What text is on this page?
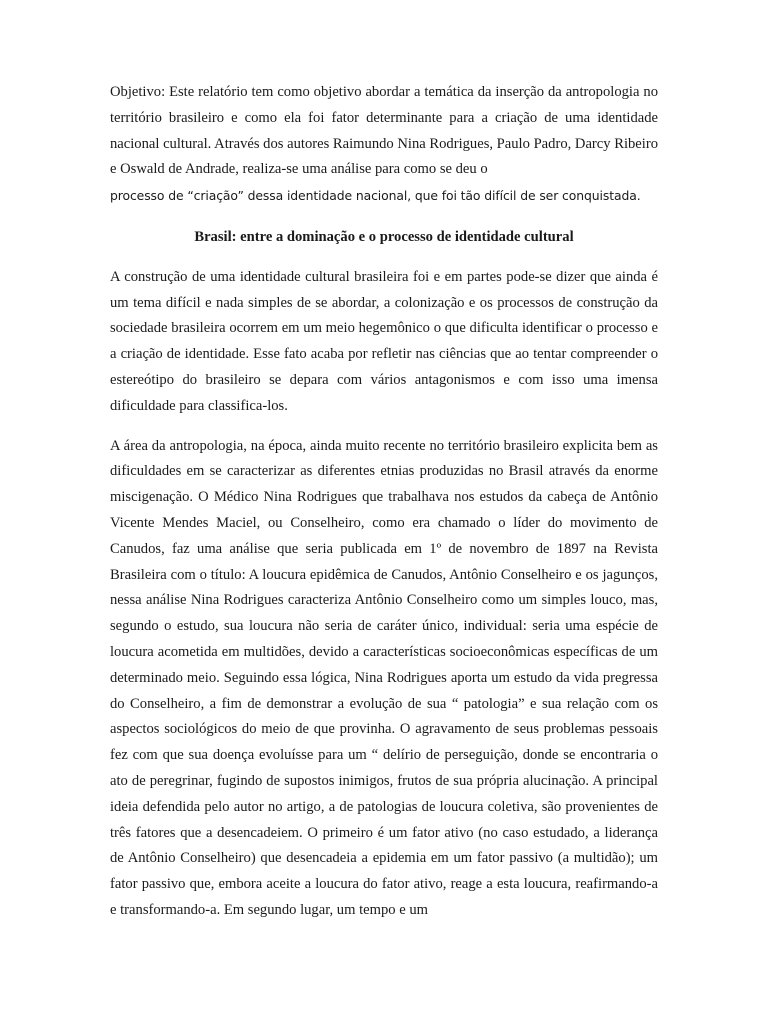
Objetivo: Este relatório tem como objetivo abordar a temática da inserção da antropologia no território brasileiro e como ela foi fator determinante para a criação de uma identidade nacional cultural. Através dos autores Raimundo Nina Rodrigues, Paulo Padro, Darcy Ribeiro e Oswald de Andrade, realiza-se uma análise para como se deu o
processo de “criação” dessa identidade nacional, que foi tão difícil de ser conquistada.

Brasil: entre a dominação e o processo de identidade cultural

A construção de uma identidade cultural brasileira foi e em partes pode-se dizer que ainda é um tema difícil e nada simples de se abordar, a colonização e os processos de construção da sociedade brasileira ocorrem em um meio hegemônico o que dificulta identificar o processo e a criação de identidade. Esse fato acaba por refletir nas ciências que ao tentar compreender o estereótipo do brasileiro se depara com vários antagonismos e com isso uma imensa dificuldade para classifica-los.

A área da antropologia, na época, ainda muito recente no território brasileiro explicita bem as dificuldades em se caracterizar as diferentes etnias produzidas no Brasil através da enorme miscigenação. O Médico Nina Rodrigues que trabalhava nos estudos da cabeça de Antônio Vicente Mendes Maciel, ou Conselheiro, como era chamado o líder do movimento de Canudos, faz uma análise que seria publicada em 1º de novembro de 1897 na Revista Brasileira com o título: A loucura epidêmica de Canudos, Antônio Conselheiro e os jagunços, nessa análise Nina Rodrigues caracteriza Antônio Conselheiro como um simples louco, mas, segundo o estudo, sua loucura não seria de caráter único, individual: seria uma espécie de loucura acometida em multidões, devido a características socioeconômicas específicas de um determinado meio. Seguindo essa lógica, Nina Rodrigues aporta um estudo da vida pregressa do Conselheiro, a fim de demonstrar a evolução de sua “ patologia” e sua relação com os aspectos sociológicos do meio de que provinha. O agravamento de seus problemas pessoais fez com que sua doença evoluísse para um “ delírio de perseguição, donde se encontraria o ato de peregrinar, fugindo de supostos inimigos, frutos de sua própria alucinação. A principal ideia defendida pelo autor no artigo, a de patologias de loucura coletiva, são provenientes de três fatores que a desencadeiem. O primeiro é um fator ativo (no caso estudado, a liderança de Antônio Conselheiro) que desencadeia a epidemia em um fator passivo (a multidão); um fator passivo que, embora aceite a loucura do fator ativo, reage a esta loucura, reafirmando-a e transformando-a. Em segundo lugar, um tempo e um
